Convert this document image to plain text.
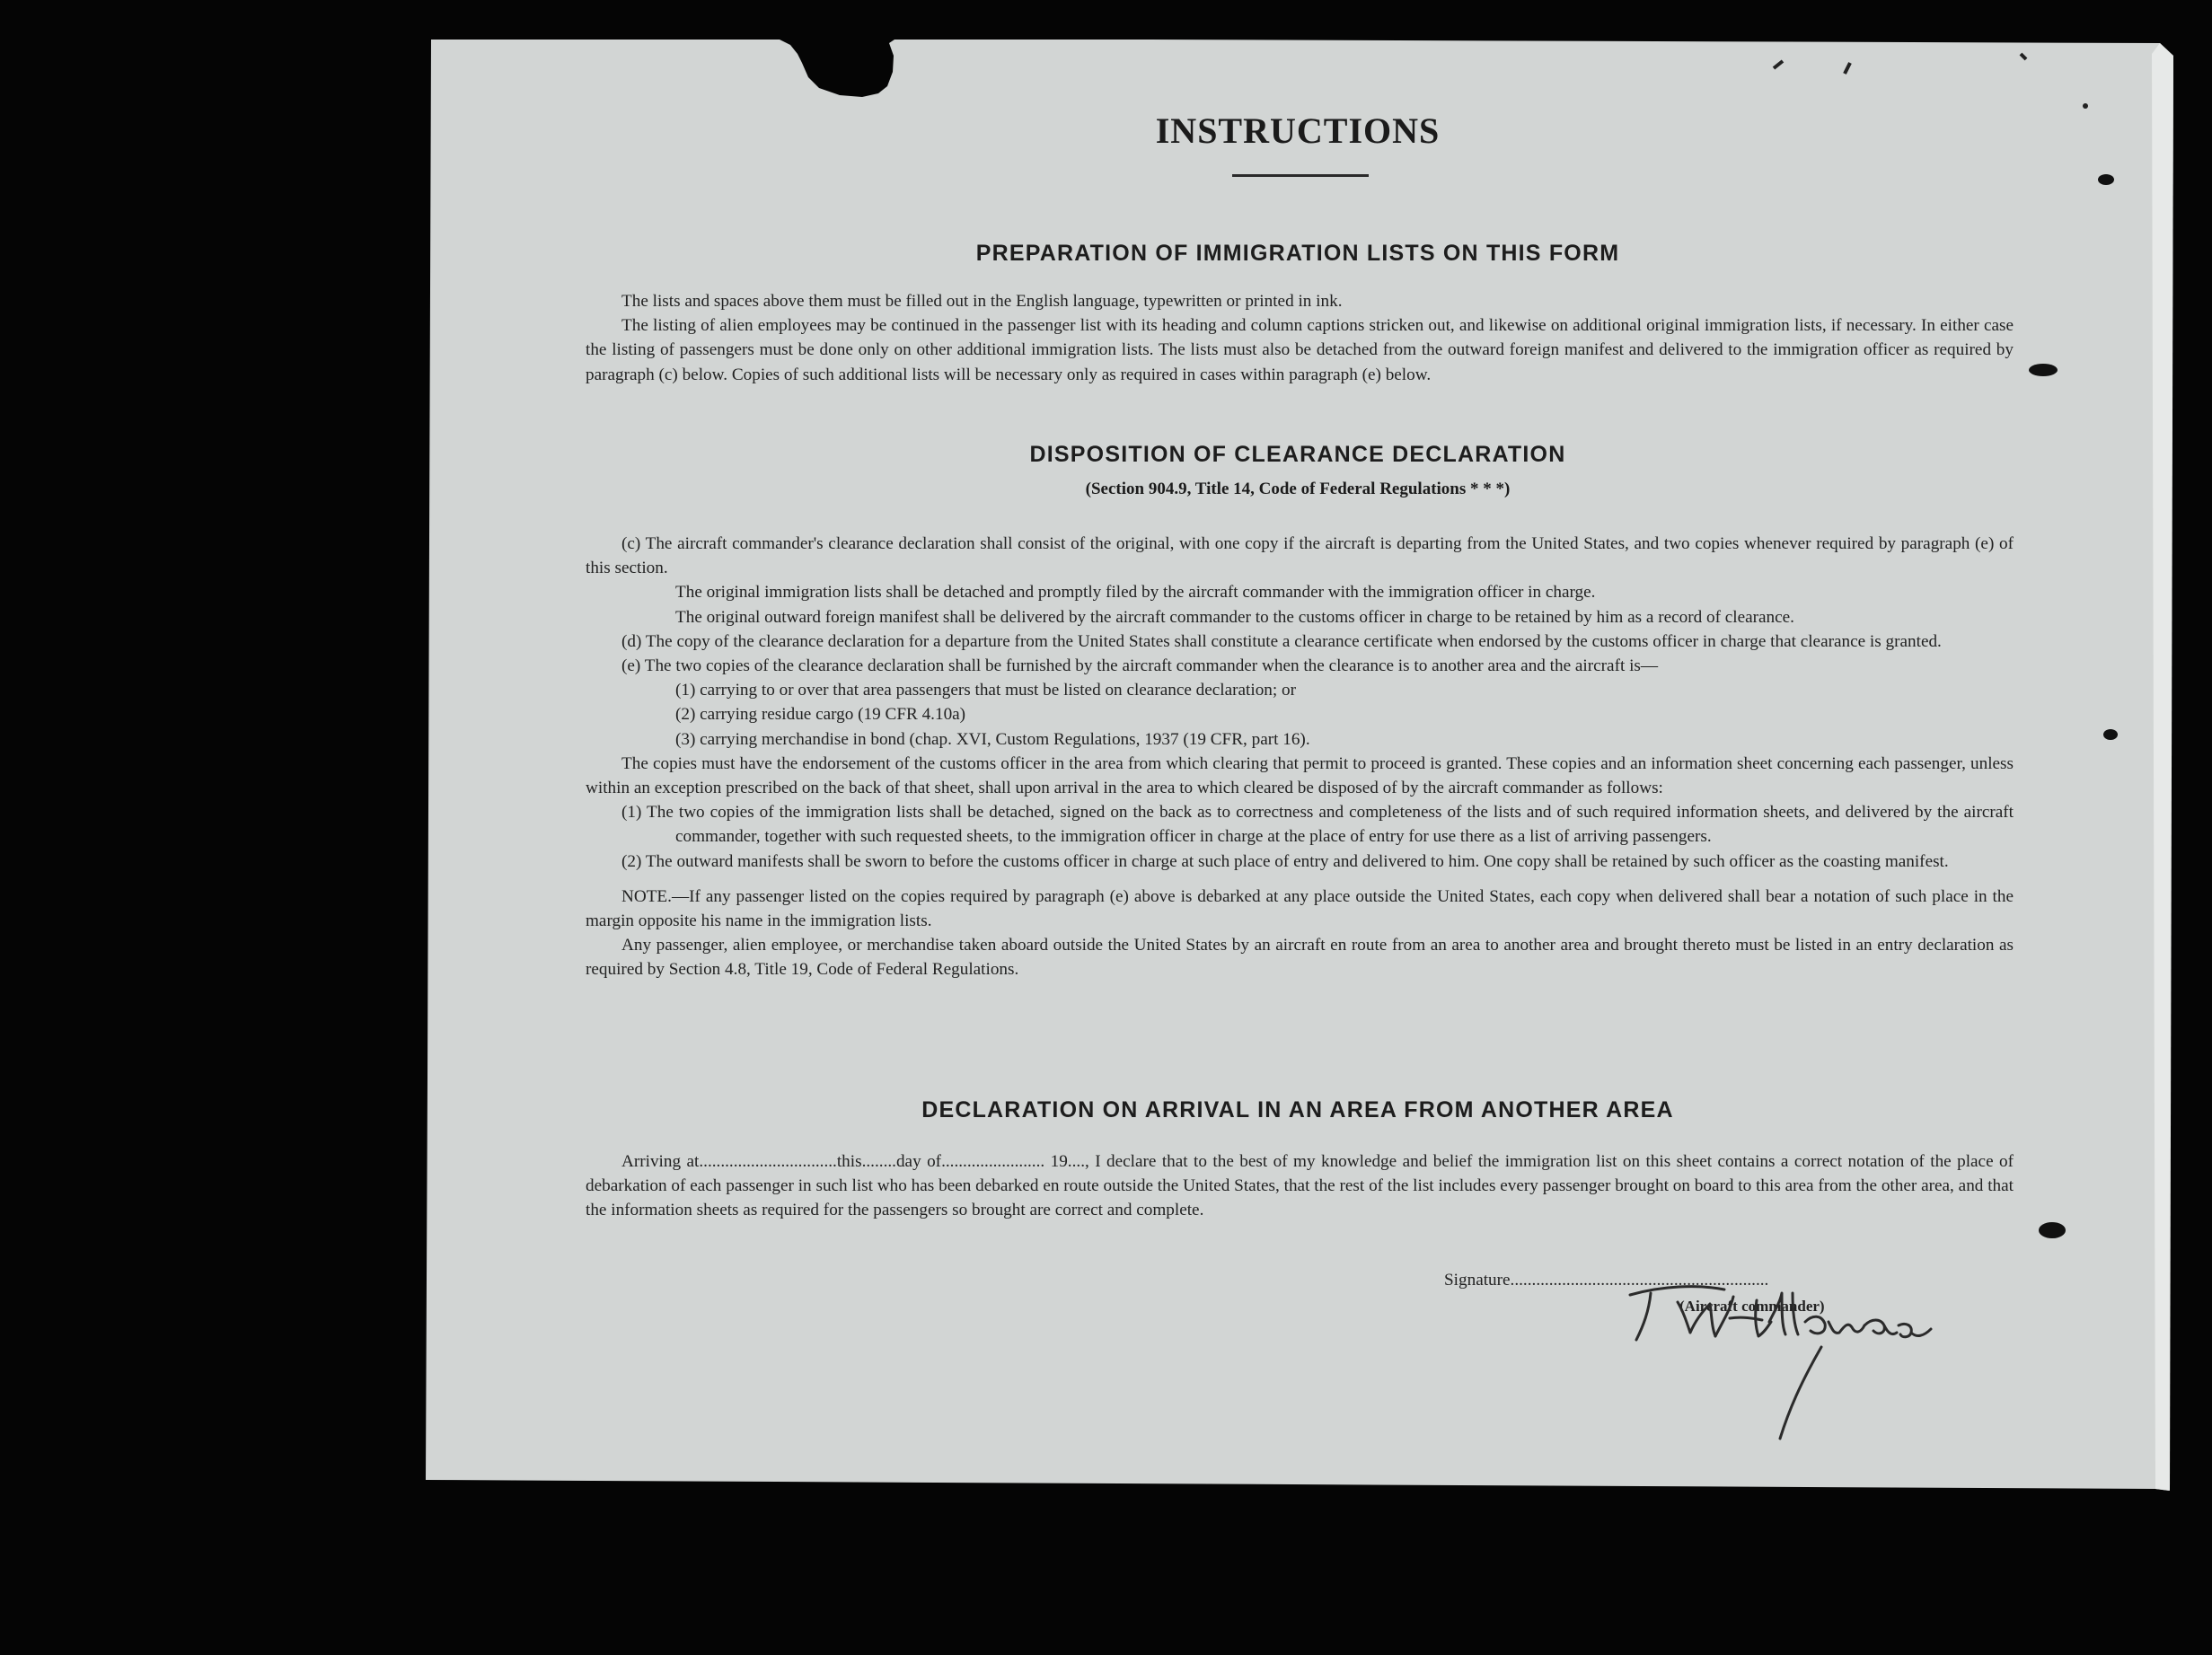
INSTRUCTIONS
PREPARATION OF IMMIGRATION LISTS ON THIS FORM

The lists and spaces above them must be filled out in the English language, typewritten or printed in ink.

The listing of alien employees may be continued in the passenger list with its heading and column captions stricken out, and likewise on additional original immigration lists, if necessary. In either case the listing of passengers must be done only on other additional immigration lists. The lists must also be detached from the outward foreign manifest and delivered to the immigration officer as required by paragraph (c) below. Copies of such additional lists will be necessary only as required in cases within paragraph (e) below.

DISPOSITION OF CLEARANCE DECLARATION
(Section 904.9, Title 14, Code of Federal Regulations * * *)

(c) The aircraft commander's clearance declaration shall consist of the original, with one copy if the aircraft is departing from the United States, and two copies whenever required by paragraph (e) of this section.

The original immigration lists shall be detached and promptly filed by the aircraft commander with the immigration officer in charge.

The original outward foreign manifest shall be delivered by the aircraft commander to the customs officer in charge to be retained by him as a record of clearance.

(d) The copy of the clearance declaration for a departure from the United States shall constitute a clearance certificate when endorsed by the customs officer in charge that clearance is granted.

(e) The two copies of the clearance declaration shall be furnished by the aircraft commander when the clearance is to another area and the aircraft is—

(1) carrying to or over that area passengers that must be listed on clearance declaration; or

(2) carrying residue cargo (19 CFR 4.10a)

(3) carrying merchandise in bond (chap. XVI, Custom Regulations, 1937 (19 CFR, part 16).

The copies must have the endorsement of the customs officer in the area from which clearing that permit to proceed is granted. These copies and an information sheet concerning each passenger, unless within an exception prescribed on the back of that sheet, shall upon arrival in the area to which cleared be disposed of by the aircraft commander as follows:

(1) The two copies of the immigration lists shall be detached, signed on the back as to correctness and completeness of the lists and of such required information sheets, and delivered by the aircraft commander, together with such requested sheets, to the immigration officer in charge at the place of entry for use there as a list of arriving passengers.

(2) The outward manifests shall be sworn to before the customs officer in charge at such place of entry and delivered to him. One copy shall be retained by such officer as the coasting manifest.

NOTE.—If any passenger listed on the copies required by paragraph (e) above is debarked at any place outside the United States, each copy when delivered shall bear a notation of such place in the margin opposite his name in the immigration lists.

Any passenger, alien employee, or merchandise taken aboard outside the United States by an aircraft en route from an area to another area and brought thereto must be listed in an entry declaration as required by Section 4.8, Title 19, Code of Federal Regulations.

DECLARATION ON ARRIVAL IN AN AREA FROM ANOTHER AREA

Arriving at................................this........day of........................ 19...., I declare that to the best of my knowledge and belief the immigration list on this sheet contains a correct notation of the place of debarkation of each passenger in such list who has been debarked en route outside the United States, that the rest of the list includes every passenger brought on board to this area from the other area, and that the information sheets as required for the passengers so brought are correct and complete.

Signature............................................................
(Aircraft commander)
